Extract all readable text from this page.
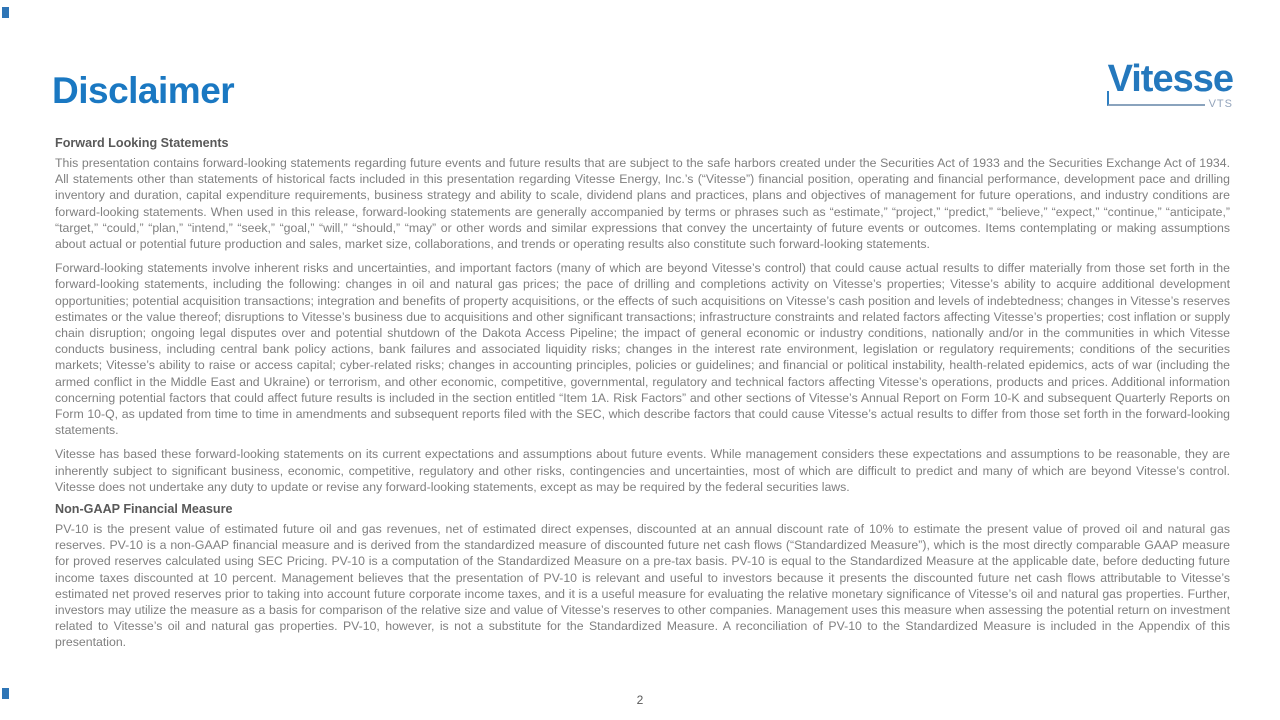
Disclaimer	Vitesse
VTS
Forward Looking Statements

This presentation contains forward-looking statements regarding future events and future results that are subject to the safe harbors created under the Securities Act of 1933 and the Securities Exchange Act of 1934. All statements other than statements of historical facts included in this presentation regarding Vitesse Energy, Inc.’s (“Vitesse”) financial position, operating and financial performance, development pace and drilling inventory and duration, capital expenditure requirements, business strategy and ability to scale, dividend plans and practices, plans and objectives of management for future operations, and industry conditions are forward-looking statements. When used in this release, forward-looking statements are generally accompanied by terms or phrases such as “estimate,” “project,” “predict,” “believe,” “expect,” “continue,” “anticipate,” “target,” “could,” “plan,” “intend,” “seek,” “goal,” “will,” “should,” “may” or other words and similar expressions that convey the uncertainty of future events or outcomes. Items contemplating or making assumptions about actual or potential future production and sales, market size, collaborations, and trends or operating results also constitute such forward-looking statements.

Forward-looking statements involve inherent risks and uncertainties, and important factors (many of which are beyond Vitesse’s control) that could cause actual results to differ materially from those set forth in the forward-looking statements, including the following: changes in oil and natural gas prices; the pace of drilling and completions activity on Vitesse’s properties; Vitesse’s ability to acquire additional development opportunities; potential acquisition transactions; integration and benefits of property acquisitions, or the effects of such acquisitions on Vitesse’s cash position and levels of indebtedness; changes in Vitesse’s reserves estimates or the value thereof; disruptions to Vitesse’s business due to acquisitions and other significant transactions; infrastructure constraints and related factors affecting Vitesse’s properties; cost inflation or supply chain disruption; ongoing legal disputes over and potential shutdown of the Dakota Access Pipeline; the impact of general economic or industry conditions, nationally and/or in the communities in which Vitesse conducts business, including central bank policy actions, bank failures and associated liquidity risks; changes in the interest rate environment, legislation or regulatory requirements; conditions of the securities markets; Vitesse’s ability to raise or access capital; cyber-related risks; changes in accounting principles, policies or guidelines; and financial or political instability, health-related epidemics, acts of war (including the armed conflict in the Middle East and Ukraine) or terrorism, and other economic, competitive, governmental, regulatory and technical factors affecting Vitesse’s operations, products and prices. Additional information concerning potential factors that could affect future results is included in the section entitled “Item 1A. Risk Factors” and other sections of Vitesse’s Annual Report on Form 10-K and subsequent Quarterly Reports on Form 10-Q, as updated from time to time in amendments and subsequent reports filed with the SEC, which describe factors that could cause Vitesse’s actual results to differ from those set forth in the forward-looking statements.

Vitesse has based these forward-looking statements on its current expectations and assumptions about future events. While management considers these expectations and assumptions to be reasonable, they are inherently subject to significant business, economic, competitive, regulatory and other risks, contingencies and uncertainties, most of which are difficult to predict and many of which are beyond Vitesse’s control. Vitesse does not undertake any duty to update or revise any forward-looking statements, except as may be required by the federal securities laws.

Non-GAAP Financial Measure

PV-10 is the present value of estimated future oil and gas revenues, net of estimated direct expenses, discounted at an annual discount rate of 10% to estimate the present value of proved oil and natural gas reserves. PV-10 is a non-GAAP financial measure and is derived from the standardized measure of discounted future net cash flows (“Standardized Measure”), which is the most directly comparable GAAP measure for proved reserves calculated using SEC Pricing. PV-10 is a computation of the Standardized Measure on a pre-tax basis. PV-10 is equal to the Standardized Measure at the applicable date, before deducting future income taxes discounted at 10 percent. Management believes that the presentation of PV-10 is relevant and useful to investors because it presents the discounted future net cash flows attributable to Vitesse’s estimated net proved reserves prior to taking into account future corporate income taxes, and it is a useful measure for evaluating the relative monetary significance of Vitesse’s oil and natural gas properties. Further, investors may utilize the measure as a basis for comparison of the relative size and value of Vitesse’s reserves to other companies. Management uses this measure when assessing the potential return on investment related to Vitesse’s oil and natural gas properties. PV-10, however, is not a substitute for the Standardized Measure. A reconciliation of PV-10 to the Standardized Measure is included in the Appendix of this presentation.

2
